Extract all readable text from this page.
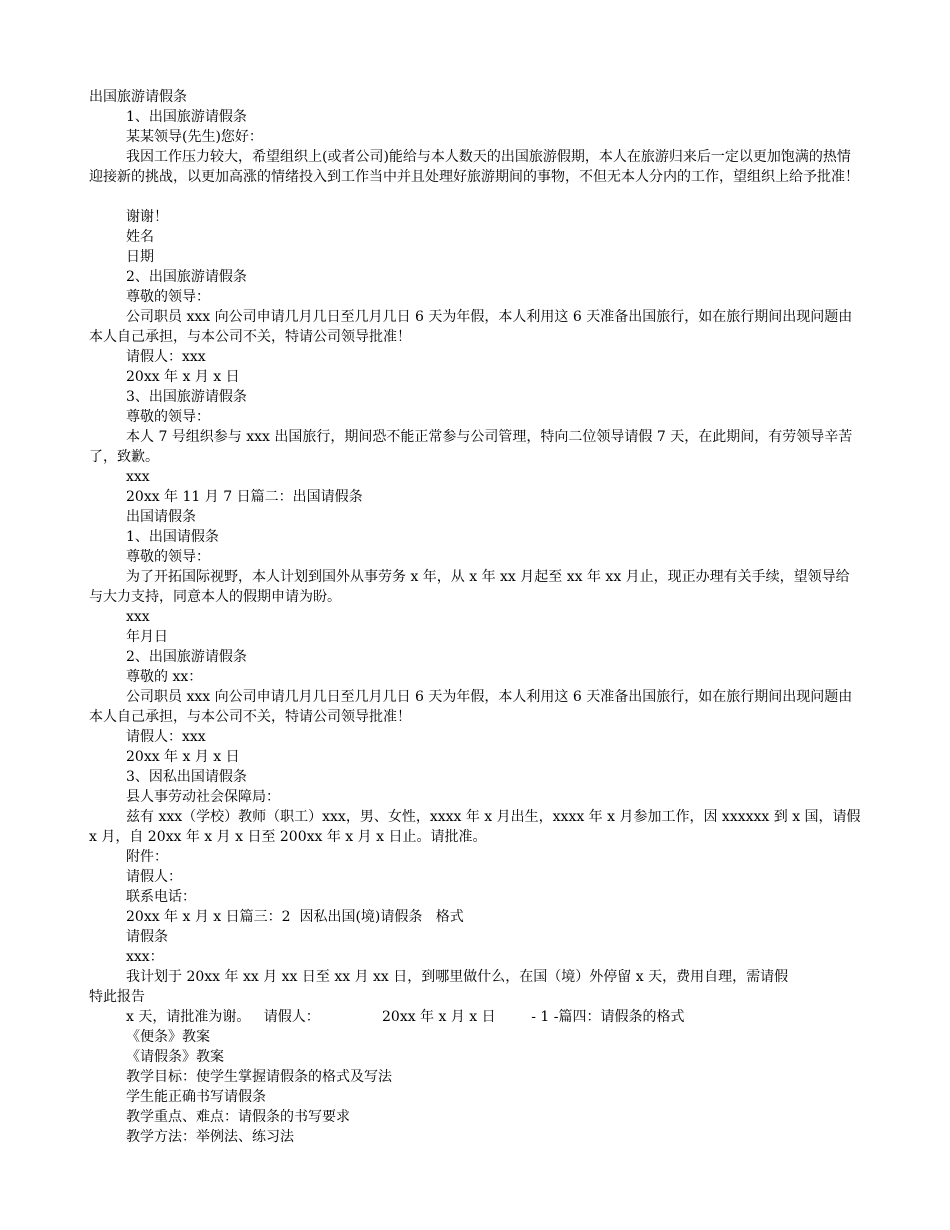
出国旅游请假条
1、出国旅游请假条
某某领导(先生)您好：
我因工作压力较大，希望组织上(或者公司)能给与本人数天的出国旅游假期，本人在旅游归来后一定以更加饱满的热情迎接新的挑战，以更加高涨的情绪投入到工作当中并且处理好旅游期间的事物，不但无本人分内的工作，望组织上给予批准！
谢谢！
姓名
日期
2、出国旅游请假条
尊敬的领导：
公司职员 xxx 向公司申请几月几日至几月几日 6 天为年假，本人利用这 6 天准备出国旅行，如在旅行期间出现问题由本人自己承担，与本公司不关，特请公司领导批准！
请假人：xxx
20xx 年 x 月 x 日
3、出国旅游请假条
尊敬的领导：
本人 7 号组织参与 xxx 出国旅行，期间恐不能正常参与公司管理，特向二位领导请假 7 天，在此期间，有劳领导辛苦了，致歉。
xxx
20xx 年 11 月 7 日篇二：出国请假条
出国请假条
1、出国请假条
尊敬的领导：
为了开拓国际视野，本人计划到国外从事劳务 x 年，从 x 年 xx 月起至 xx 年 xx 月止，现正办理有关手续，望领导给与大力支持，同意本人的假期申请为盼。
xxx
年月日
2、出国旅游请假条
尊敬的 xx：
公司职员 xxx 向公司申请几月几日至几月几日 6 天为年假，本人利用这 6 天准备出国旅行，如在旅行期间出现问题由本人自己承担，与本公司不关，特请公司领导批准！
请假人：xxx
20xx 年 x 月 x 日
3、因私出国请假条
县人事劳动社会保障局：
兹有 xxx（学校）教师（职工）xxx，男、女性，xxxx 年 x 月出生，xxxx 年 x 月参加工作，因 xxxxxx 到 x 国，请假 x 月，自 20xx 年 x 月 x 日至 200xx 年 x 月 x 日止。请批准。
附件：
请假人：
联系电话：
20xx 年 x 月 x 日篇三：2  因私出国(境)请假条   格式
请假条
xxx：
我计划于 20xx 年 xx 月 xx 日至 xx 月 xx 日，到哪里做什么，在国（境）外停留 x 天，费用自理，需请假
特此报告
x 天，请批准为谢。   请假人：              20xx 年 x 月 x 日        - 1 -篇四：请假条的格式
《便条》教案
《请假条》教案
教学目标：使学生掌握请假条的格式及写法
学生能正确书写请假条
教学重点、难点：请假条的书写要求
教学方法：举例法、练习法
